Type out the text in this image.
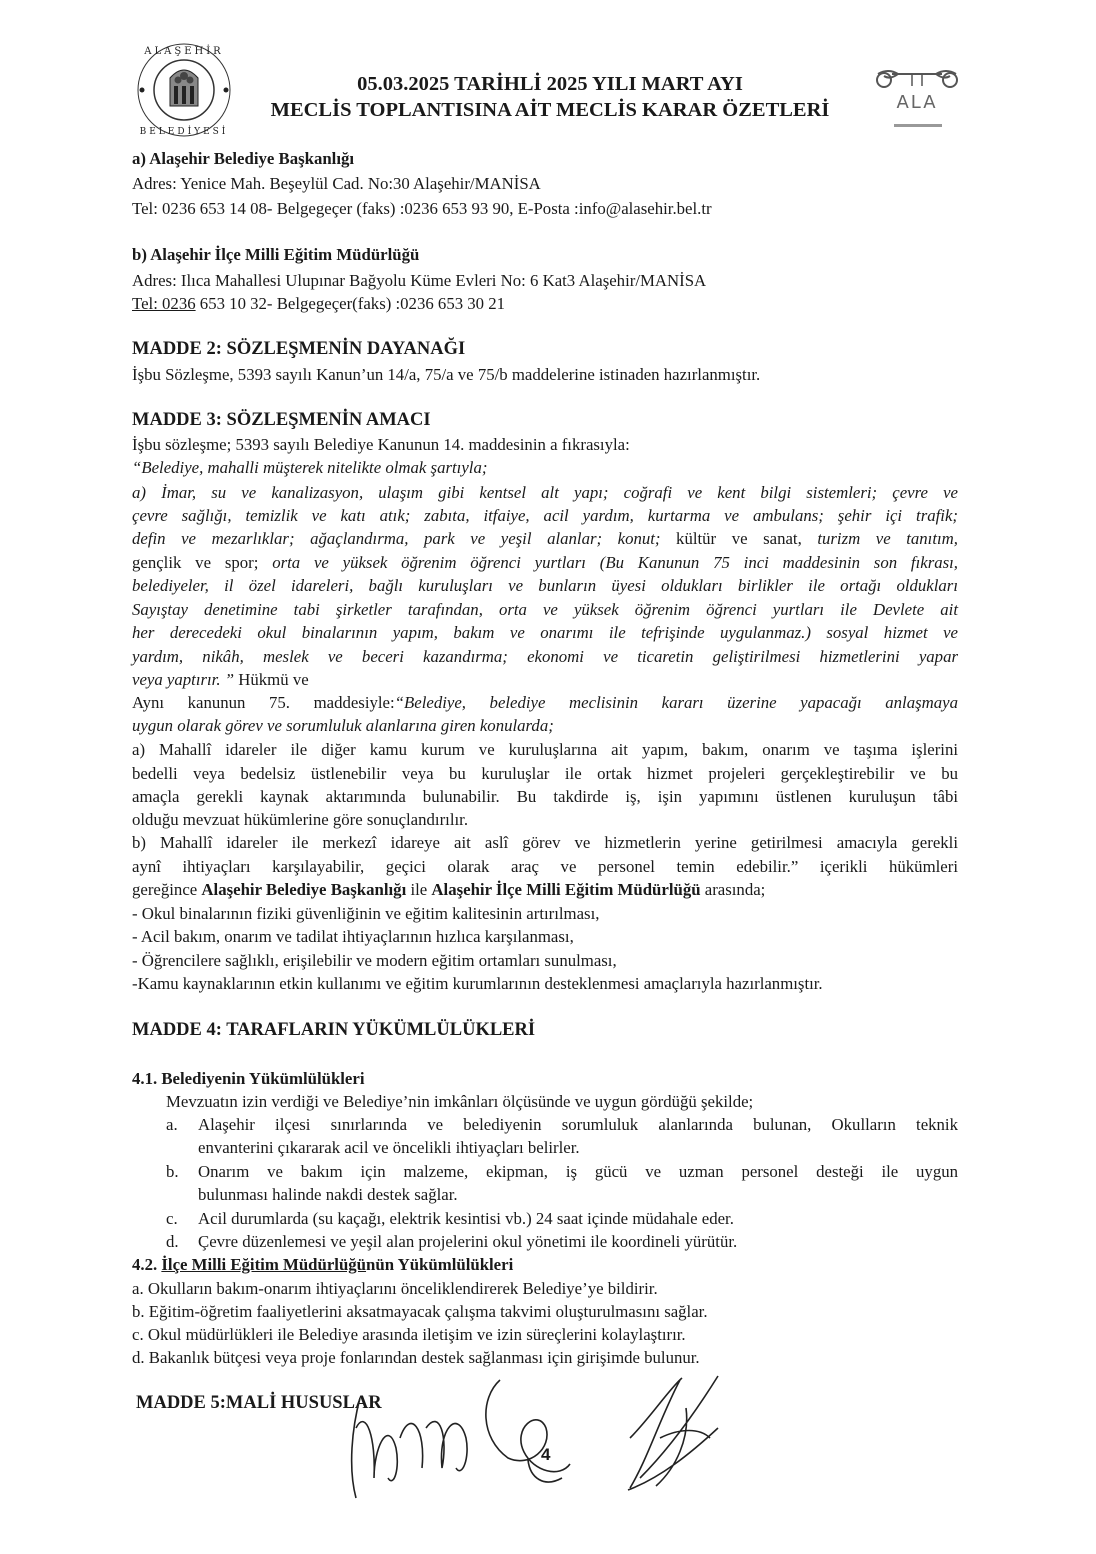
ALAŞEHİR
BELEDİYESİ
05.03.2025 TARİHLİ 2025 YILI MART AYI
MECLİS TOPLANTISINA AİT MECLİS KARAR ÖZETLERİ	ALA
a) Alaşehir Belediye Başkanlığı
Adres: Yenice Mah. Beşeylül Cad. No:30 Alaşehir/MANİSA
Tel: 0236 653 14 08- Belgegeçer (faks) :0236 653 93 90, E-Posta :info@alasehir.bel.tr
b) Alaşehir İlçe Milli Eğitim Müdürlüğü
Adres: Ilıca Mahallesi Ulupınar Bağyolu Küme Evleri No: 6 Kat3 Alaşehir/MANİSA
Tel: 0236 653 10 32- Belgegeçer(faks) :0236 653 30 21
MADDE 2: SÖZLEŞMENİN DAYANAĞI
İşbu Sözleşme, 5393 sayılı Kanun’un 14/a, 75/a ve 75/b maddelerine istinaden hazırlanmıştır.
MADDE 3: SÖZLEŞMENİN AMACI
İşbu sözleşme; 5393 sayılı Belediye Kanunun 14. maddesinin a fıkrasıyla:
“Belediye, mahalli müşterek nitelikte olmak şartıyla;
a) İmar, su ve kanalizasyon, ulaşım gibi kentsel alt yapı; coğrafi ve kent bilgi sistemleri; çevre ve
çevre sağlığı, temizlik ve katı atık; zabıta, itfaiye, acil yardım, kurtarma ve ambulans; şehir içi trafik;
defin ve mezarlıklar; ağaçlandırma, park ve yeşil alanlar; konut; kültür ve sanat, turizm ve tanıtım,
gençlik ve spor; orta ve yüksek öğrenim öğrenci yurtları (Bu Kanunun 75 inci maddesinin son fıkrası,
belediyeler, il özel idareleri, bağlı kuruluşları ve bunların üyesi oldukları birlikler ile ortağı oldukları
Sayıştay denetimine tabi şirketler tarafından, orta ve yüksek öğrenim öğrenci yurtları ile Devlete ait
her derecedeki okul binalarının yapım, bakım ve onarımı ile tefrişinde uygulanmaz.) sosyal hizmet ve
yardım, nikâh, meslek ve beceri kazandırma; ekonomi ve ticaretin geliştirilmesi hizmetlerini yapar
veya yaptırır. ” Hükmü ve
Aynı kanunun 75. maddesiyle:“Belediye, belediye meclisinin kararı üzerine yapacağı anlaşmaya
uygun olarak görev ve sorumluluk alanlarına giren konularda;
a) Mahallî idareler ile diğer kamu kurum ve kuruluşlarına ait yapım, bakım, onarım ve taşıma işlerini
bedelli veya bedelsiz üstlenebilir veya bu kuruluşlar ile ortak hizmet projeleri gerçekleştirebilir ve bu
amaçla gerekli kaynak aktarımında bulunabilir. Bu takdirde iş, işin yapımını üstlenen kuruluşun tâbi
olduğu mevzuat hükümlerine göre sonuçlandırılır.
b) Mahallî idareler ile merkezî idareye ait aslî görev ve hizmetlerin yerine getirilmesi amacıyla gerekli
aynî ihtiyaçları karşılayabilir, geçici olarak araç ve personel temin edebilir.” içerikli hükümleri
gereğince Alaşehir Belediye Başkanlığı ile Alaşehir İlçe Milli Eğitim Müdürlüğü arasında;
- Okul binalarının fiziki güvenliğinin ve eğitim kalitesinin artırılması,
- Acil bakım, onarım ve tadilat ihtiyaçlarının hızlıca karşılanması,
- Öğrencilere sağlıklı, erişilebilir ve modern eğitim ortamları sunulması,
-Kamu kaynaklarının etkin kullanımı ve eğitim kurumlarının desteklenmesi amaçlarıyla hazırlanmıştır.
MADDE 4: TARAFLARIN YÜKÜMLÜLÜKLERİ
4.1. Belediyenin Yükümlülükleri
Mevzuatın izin verdiği ve Belediye’nin imkânları ölçüsünde ve uygun gördüğü şekilde;
a. Alaşehir ilçesi sınırlarında ve belediyenin sorumluluk alanlarında bulunan, Okulların teknik
envanterini çıkararak acil ve öncelikli ihtiyaçları belirler.
b. Onarım ve bakım için malzeme, ekipman, iş gücü ve uzman personel desteği ile uygun
bulunması halinde nakdi destek sağlar.
c. Acil durumlarda (su kaçağı, elektrik kesintisi vb.) 24 saat içinde müdahale eder.
d. Çevre düzenlemesi ve yeşil alan projelerini okul yönetimi ile koordineli yürütür.
4.2. İlçe Milli Eğitim Müdürlüğünün Yükümlülükleri
a. Okulların bakım-onarım ihtiyaçlarını önceliklendirerek Belediye’ye bildirir.
b. Eğitim-öğretim faaliyetlerini aksatmayacak çalışma takvimi oluşturulmasını sağlar.
c. Okul müdürlükleri ile Belediye arasında iletişim ve izin süreçlerini kolaylaştırır.
d. Bakanlık bütçesi veya proje fonlarından destek sağlanması için girişimde bulunur.
MADDE 5:MALİ HUSUSLAR
4
